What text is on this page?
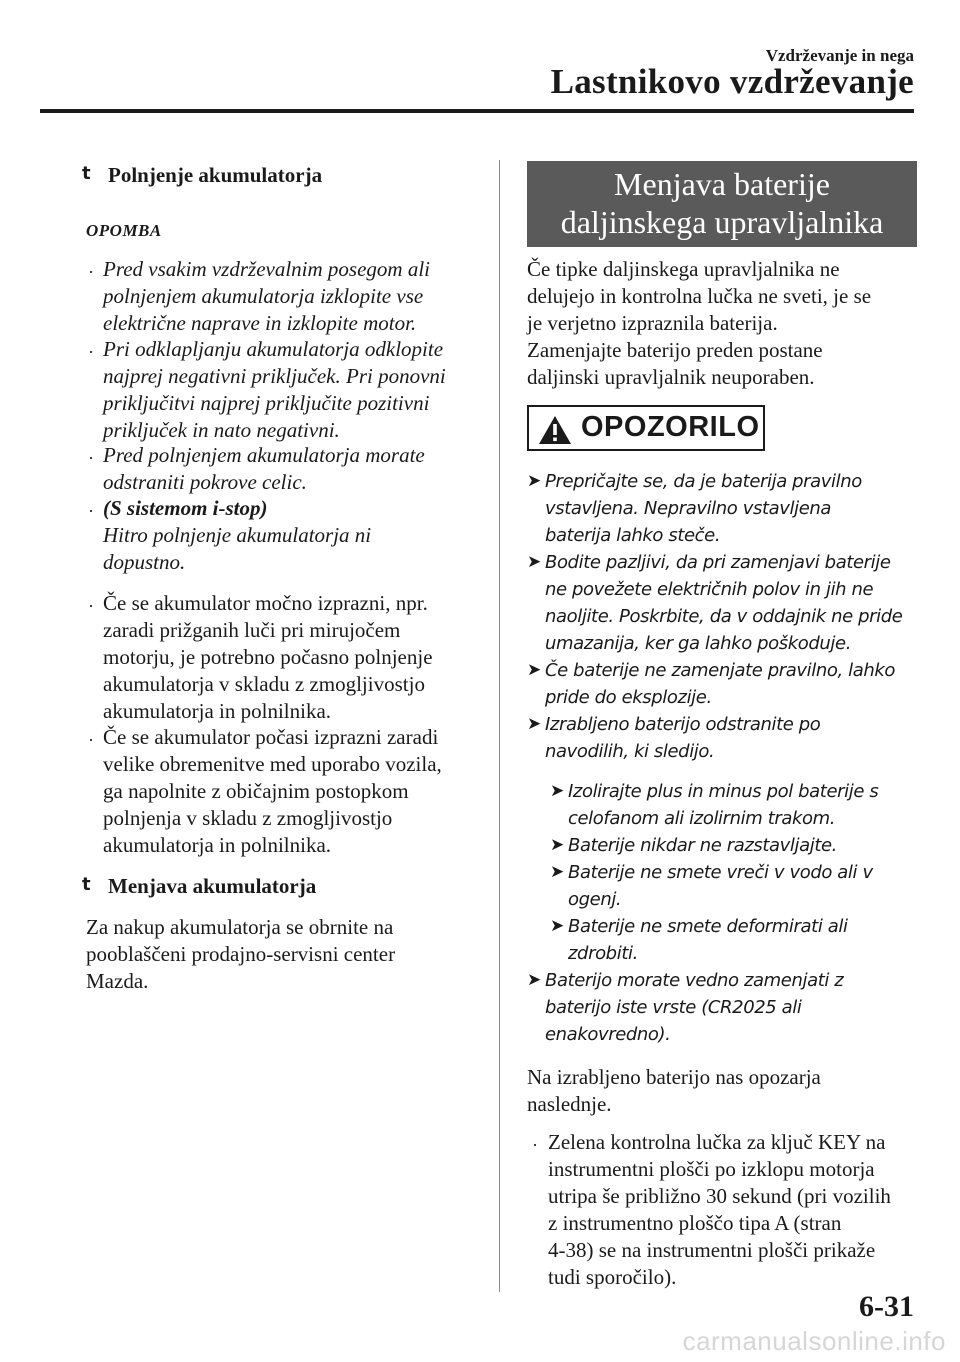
Vzdrževanje in nega
Lastnikovo vzdrževanje
t Polnjenje akumulatorja
OPOMBA
· Pred vsakim vzdrževalnim posegom ali
polnjenjem akumulatorja izklopite vse
električne naprave in izklopite motor.
· Pri odklapljanju akumulatorja odklopite
najprej negativni priključek. Pri ponovni
priključitvi najprej priključite pozitivni
priključek in nato negativni.
· Pred polnjenjem akumulatorja morate
odstraniti pokrove celic.
· (S sistemom i-stop)
Hitro polnjenje akumulatorja ni
dopustno.
· Če se akumulator močno izprazni, npr.
zaradi prižganih luči pri mirujočem
motorju, je potrebno počasno polnjenje
akumulatorja v skladu z zmogljivostjo
akumulatorja in polnilnika.
· Če se akumulator počasi izprazni zaradi
velike obremenitve med uporabo vozila,
ga napolnite z običajnim postopkom
polnjenja v skladu z zmogljivostjo
akumulatorja in polnilnika.
t Menjava akumulatorja
Za nakup akumulatorja se obrnite na
pooblaščeni prodajno-servisni center
Mazda.
Menjava baterije
daljinskega upravljalnika
Če tipke daljinskega upravljalnika ne
delujejo in kontrolna lučka ne sveti, je se
je verjetno izpraznila baterija.
Zamenjajte baterijo preden postane
daljinski upravljalnik neuporaben.
OPOZORILO
➤ Prepričajte se, da je baterija pravilno
vstavljena. Nepravilno vstavljena
baterija lahko steče.
➤ Bodite pazljivi, da pri zamenjavi baterije
ne povežete električnih polov in jih ne
naoljite. Poskrbite, da v oddajnik ne pride
umazanija, ker ga lahko poškoduje.
➤ Če baterije ne zamenjate pravilno, lahko
pride do eksplozije.
➤ Izrabljeno baterijo odstranite po
navodilih, ki sledijo.
➤ Izolirajte plus in minus pol baterije s
celofanom ali izolirnim trakom.
➤ Baterije nikdar ne razstavljajte.
➤ Baterije ne smete vreči v vodo ali v
ogenj.
➤ Baterije ne smete deformirati ali
zdrobiti.
➤ Baterijo morate vedno zamenjati z
baterijo iste vrste (CR2025 ali
enakovredno).
Na izrabljeno baterijo nas opozarja
naslednje.
· Zelena kontrolna lučka za ključ KEY na
instrumentni plošči po izklopu motorja
utripa še približno 30 sekund (pri vozilih
z instrumentno ploščo tipa A (stran
4-38) se na instrumentni plošči prikaže
tudi sporočilo).
6-31
carmanualsonline.info
